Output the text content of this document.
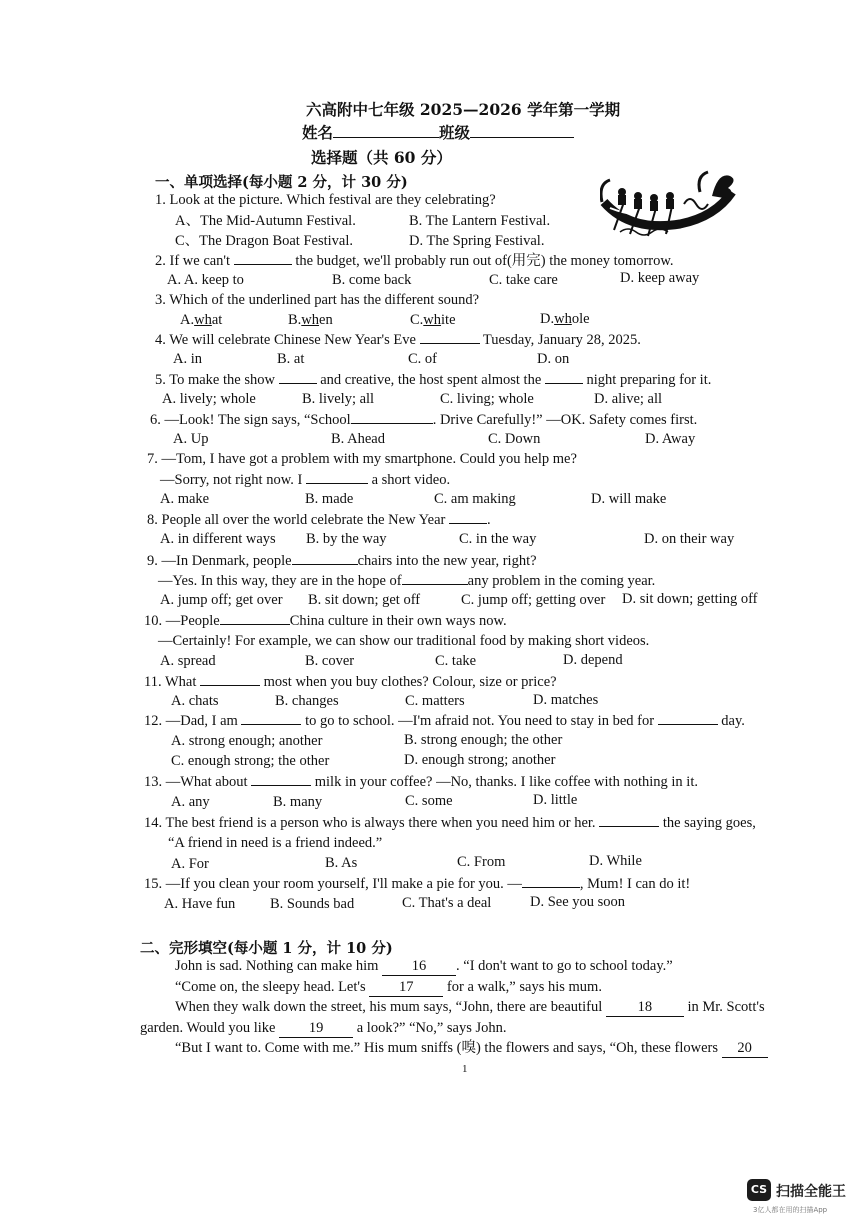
六高附中七年级 2025—2026 学年第一学期
姓名	班级
选择题（共 60 分）
一、单项选择(每小题 2 分，计 30 分)
1. Look at the picture. Which festival are they celebrating?
A、The Mid-Autumn Festival.	B. The Lantern Festival.
C、The Dragon Boat Festival.	D. The Spring Festival.
2. If we can't	the budget, we'll probably run out of(用完) the money tomorrow.
A. A. keep to	B. come back	C. take care	D. keep away
3. Which of the underlined part has the different sound?
A.what	B.when	C.white	D.whole
4. We will celebrate Chinese New Year's Eve	Tuesday, January 28, 2025.
A. in	B. at	C. of	D. on
5. To make the show	and creative, the host spent almost the	night preparing for it.
A. lively; whole	B. lively; all	C. living; whole	D. alive; all
6. —Look! The sign says, “School	. Drive Carefully!” —OK. Safety comes first.
A. Up	B. Ahead	C. Down	D. Away
7. —Tom, I have got a problem with my smartphone. Could you help me?
—Sorry, not right now. I	a short video.
A. make	B. made	C. am making	D. will make
8. People all over the world celebrate the New Year	.
A. in different ways B. by the way	C. in the way	D. on their way
9. —In Denmark, people	chairs into the new year, right?
—Yes. In this way, they are in the hope of	any problem in the coming year.
A. jump off; get over B. sit down; get off	C. jump off; getting over D. sit down; getting off
10. —People	China culture in their own ways now.
—Certainly! For example, we can show our traditional food by making short videos.
A. spread	B. cover	C. take	D. depend
11. What	most when you buy clothes? Colour, size or price?
A. chats	B. changes	C. matters	D. matches
12. —Dad, I am	to go to school. —I'm afraid not. You need to stay in bed for	day.
A. strong enough; another	B. strong enough; the other
C. enough strong; the other	D. enough strong; another
13. —What about	milk in your coffee? —No, thanks. I like coffee with nothing in it.
A. any	B. many	C. some	D. little
14. The best friend is a person who is always there when you need him or her.	the saying goes,
“A friend in need is a friend indeed.”
A. For	B. As	C. From	D. While
15. —If you clean your room yourself, I'll make a pie for you. —	, Mum! I can do it!
A. Have fun B. Sounds bad	C. That's a deal	D. See you soon
二、完形填空(每小题 1 分，计 10 分)
John is sad. Nothing can make him 16 . “I don't want to go to school today.”
“Come on, the sleepy head. Let's 17 for a walk,” says his mum.
When they walk down the street, his mum says, “John, there are beautiful 18 in Mr. Scott's
garden. Would you like 19 a look?” “No,” says John.
“But I want to. Come with me.” His mum sniffs (嗅) the flowers and says, “Oh, these flowers 20
1
CS 扫描全能王
3亿人都在用的扫描App
